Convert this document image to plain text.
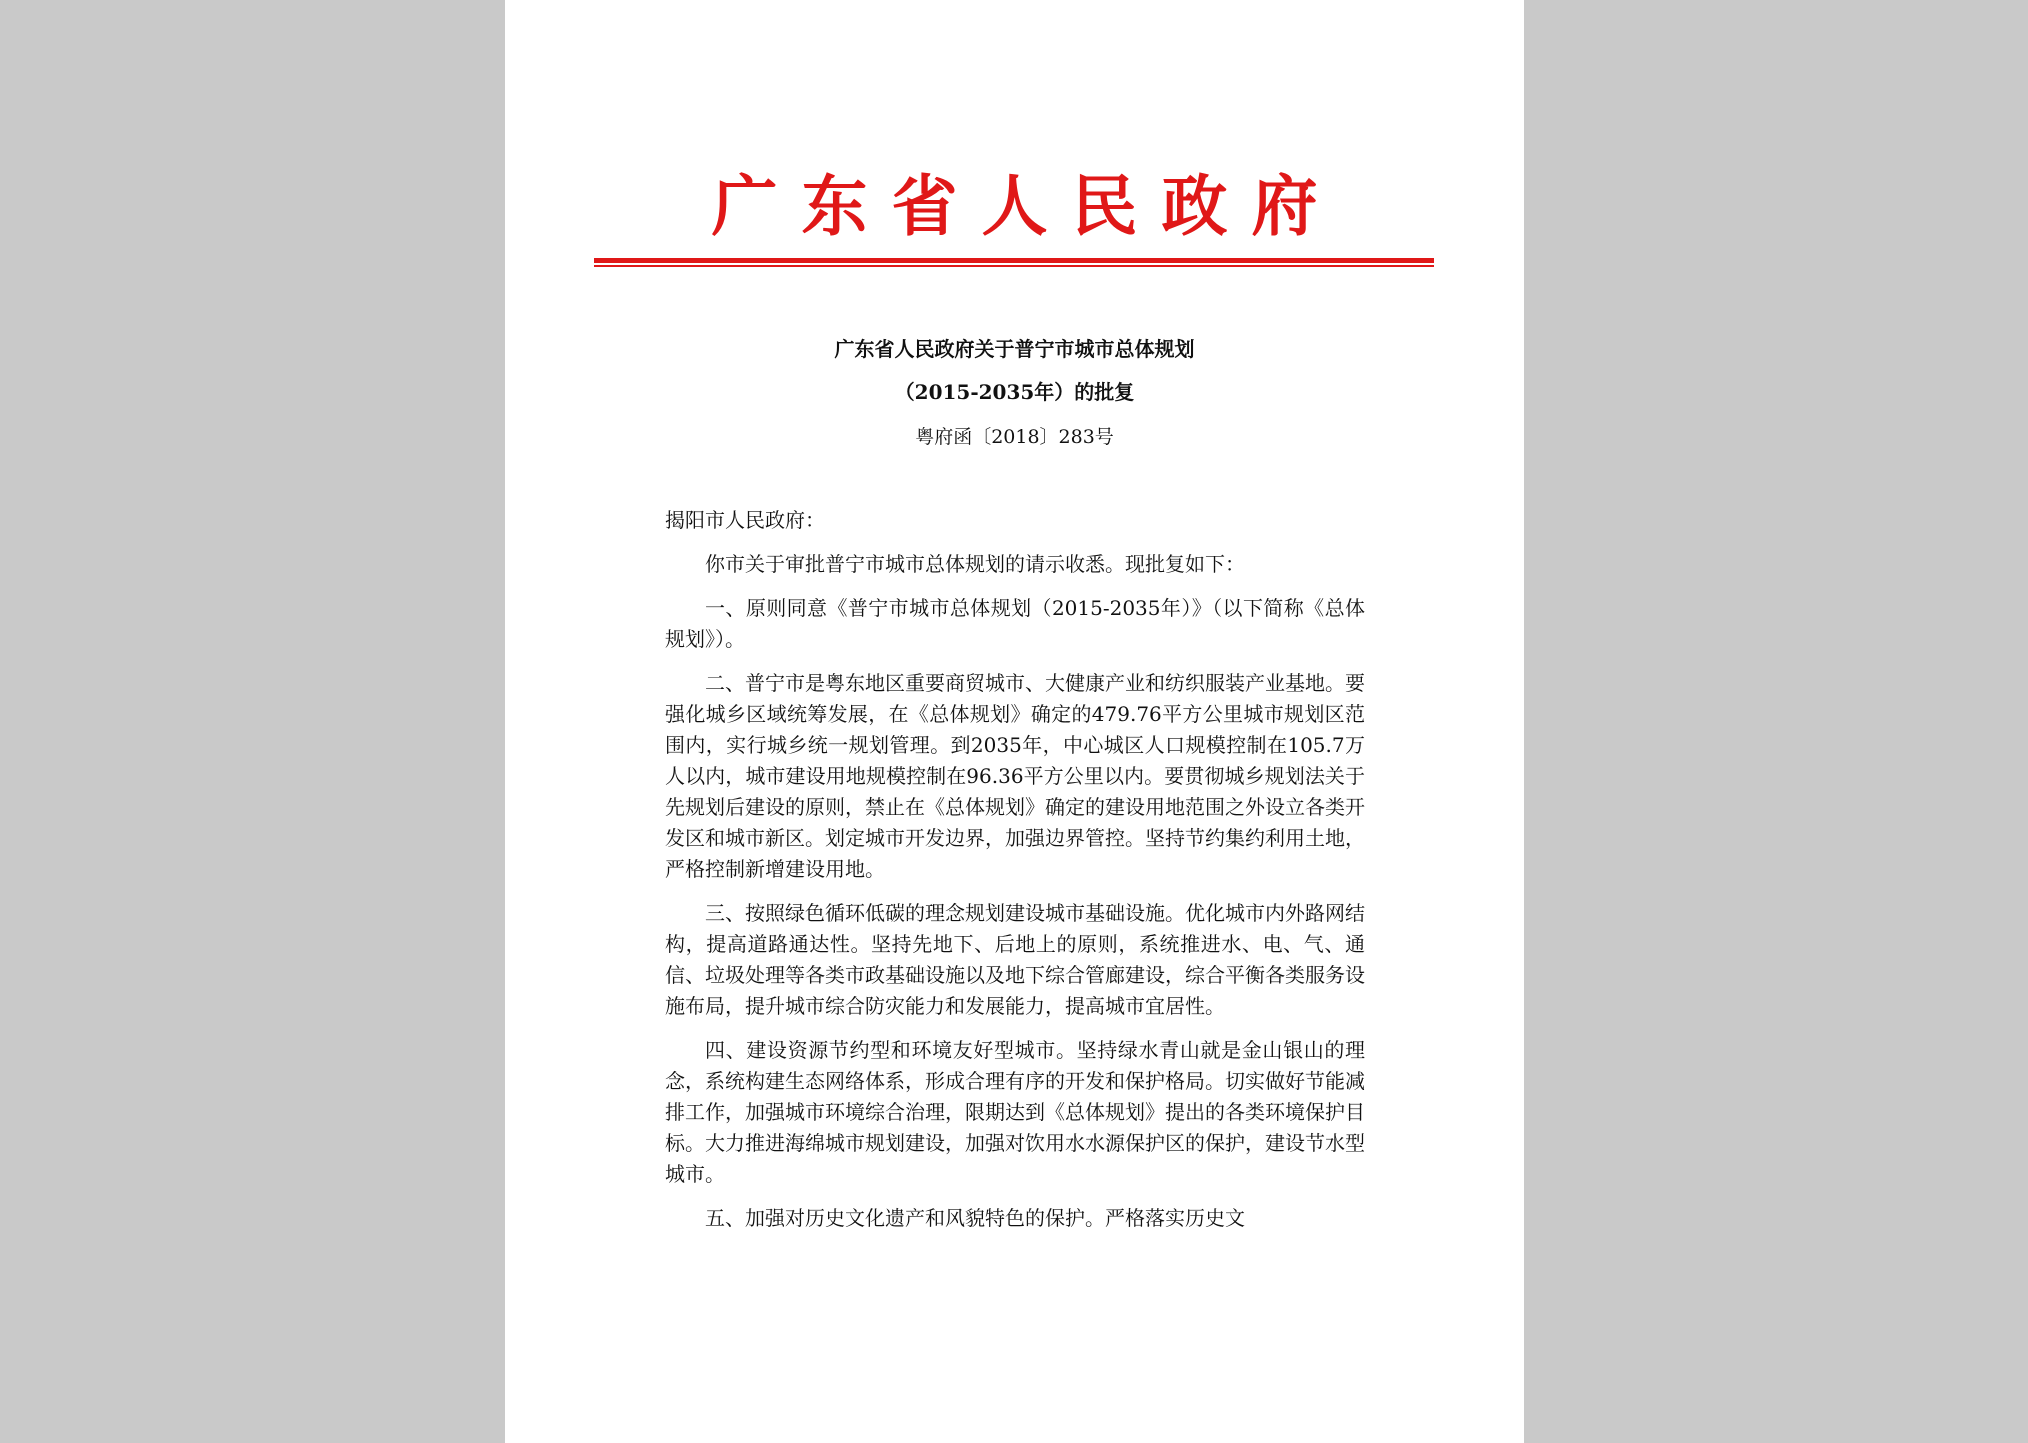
广东省人民政府
广东省人民政府关于普宁市城市总体规划
（2015-2035年）的批复
粤府函〔2018〕283号

揭阳市人民政府：

你市关于审批普宁市城市总体规划的请示收悉。现批复如下：

一、原则同意《普宁市城市总体规划（2015-2035年）》（以下简称《总体规划》）。

二、普宁市是粤东地区重要商贸城市、大健康产业和纺织服装产业基地。要强化城乡区域统筹发展，在《总体规划》确定的479.76平方公里城市规划区范围内，实行城乡统一规划管理。到2035年，中心城区人口规模控制在105.7万人以内，城市建设用地规模控制在96.36平方公里以内。要贯彻城乡规划法关于先规划后建设的原则，禁止在《总体规划》确定的建设用地范围之外设立各类开发区和城市新区。划定城市开发边界，加强边界管控。坚持节约集约利用土地，严格控制新增建设用地。

三、按照绿色循环低碳的理念规划建设城市基础设施。优化城市内外路网结构，提高道路通达性。坚持先地下、后地上的原则，系统推进水、电、气、通信、垃圾处理等各类市政基础设施以及地下综合管廊建设，综合平衡各类服务设施布局，提升城市综合防灾能力和发展能力，提高城市宜居性。

四、建设资源节约型和环境友好型城市。坚持绿水青山就是金山银山的理念，系统构建生态网络体系，形成合理有序的开发和保护格局。切实做好节能减排工作，加强城市环境综合治理，限期达到《总体规划》提出的各类环境保护目标。大力推进海绵城市规划建设，加强对饮用水水源保护区的保护，建设节水型城市。

五、加强对历史文化遗产和风貌特色的保护。严格落实历史文
